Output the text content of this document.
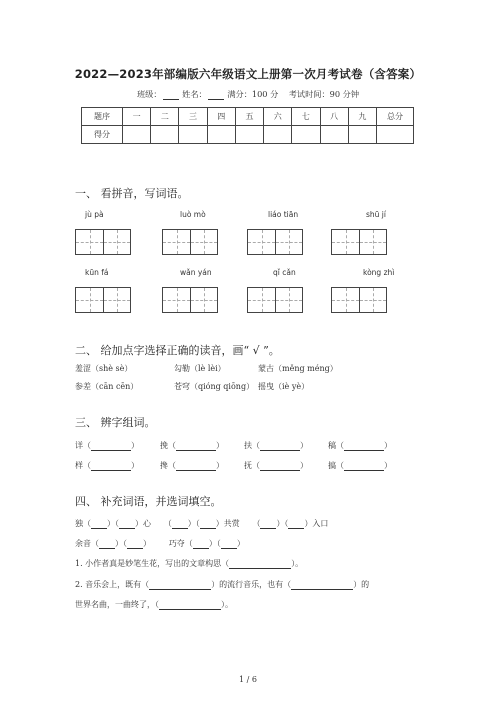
2022—2023年部编版六年级语文上册第一次月考试卷（含答案）
班级：	姓名：	满分：100 分 考试时间：90 分钟
题序	一	二	三	四	五	六	七	八	九	总分
得分										
一、 看拼音，写词语。
jù pà	luò mò	liáo tiān	shū jí
kūn fá	wǎn yán	qǐ cǎn	kòng zhì
二、 给加点字选择正确的读音，画“ √ ”。
羞涩（shè sè）	勾勒（lè lèi）	蒙古（měng méng）
参差（cān cēn）	苍穹（qióng qiōng） 摇曳（iè yè）
三、 辨字组词。
详（	）	挽（	）	扶（	）	稿（	）
样（	）	搀（	）	抚（	）	搞（	）
四、 补充词语，并选词填空。
独（ ）（ ）心 （ ）（ ）共赏 （ ）（ ）入口
余音（ ）（ ） 巧夺（ ）（ ）
1. 小作者真是妙笔生花，写出的文章构思（	）。
2. 音乐会上，既有（	）的流行音乐，也有（	）的
世界名曲，一曲终了，（	）。
1 / 6
